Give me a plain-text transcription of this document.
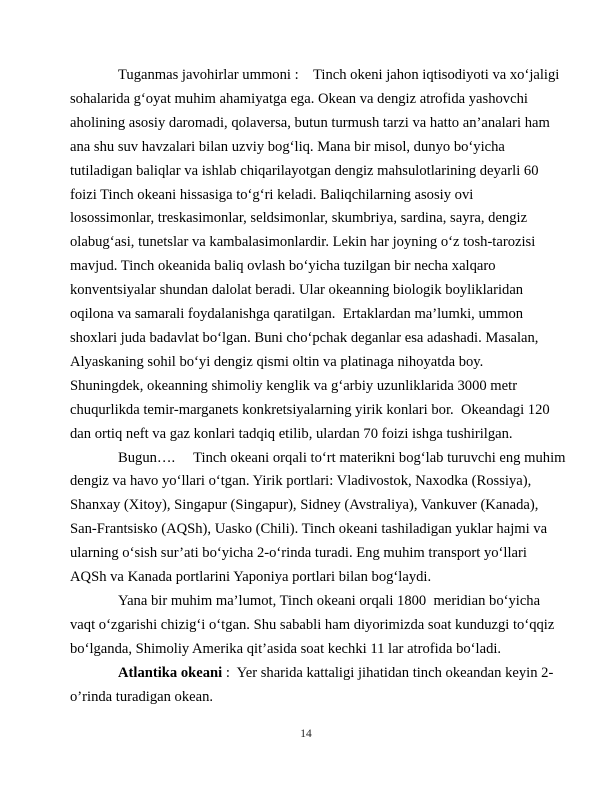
Tuganmas javohirlar ummoni :    Tinch okeni jahon iqtisodiyoti va xo‘jaligi
sohalarida g‘oyat muhim ahamiyatga ega. Okean va dengiz atrofida yashovchi
aholining asosiy daromadi, qolaversa, butun turmush tarzi va hatto an’analari ham
ana shu suv havzalari bilan uzviy bog‘liq. Mana bir misol, dunyo bo‘yicha
tutiladigan baliqlar va ishlab chiqarilayotgan dengiz mahsulotlarining deyarli 60
foizi Tinch okeani hissasiga to‘g‘ri keladi. Baliqchilarning asosiy ovi
losossimonlar, treskasimonlar, seldsimonlar, skumbriya, sardina, sayra, dengiz
olabug‘asi, tunetslar va kambalasimonlardir. Lekin har joyning o‘z tosh-tarozisi
mavjud. Tinch okeanida baliq ovlash bo‘yicha tuzilgan bir necha xalqaro
konventsiyalar shundan dalolat beradi. Ular okeanning biologik boyliklaridan
oqilona va samarali foydalanishga qaratilgan.  Ertaklardan ma’lumki, ummon
shoxlari juda badavlat bo‘lgan. Buni cho‘pchak deganlar esa adashadi. Masalan,
Alyaskaning sohil bo‘yi dengiz qismi oltin va platinaga nihoyatda boy.
Shuningdek, okeanning shimoliy kenglik va g‘arbiy uzunliklarida 3000 metr
chuqurlikda temir-marganets konkretsiyalarning yirik konlari bor.  Okeandagi 120
dan ortiq neft va gaz konlari tadqiq etilib, ulardan 70 foizi ishga tushirilgan.
Bugun….     Tinch okeani orqali to‘rt materikni bog‘lab turuvchi eng muhim
dengiz va havo yo‘llari o‘tgan. Yirik portlari: Vladivostok, Naxodka (Rossiya),
Shanxay (Xitoy), Singapur (Singapur), Sidney (Avstraliya), Vankuver (Kanada),
San-Frantsisko (AQSh), Uasko (Chili). Tinch okeani tashiladigan yuklar hajmi va
ularning o‘sish sur’ati bo‘yicha 2-o‘rinda turadi. Eng muhim transport yo‘llari
AQSh va Kanada portlarini Yaponiya portlari bilan bog‘laydi.
Yana bir muhim ma’lumot, Tinch okeani orqali 1800  meridian bo‘yicha
vaqt o‘zgarishi chizig‘i o‘tgan. Shu sababli ham diyorimizda soat kunduzgi to‘qqiz
bo‘lganda, Shimoliy Amerika qit’asida soat kechki 11 lar atrofida bo‘ladi.
Atlantika okeani :  Yer sharida kattaligi jihatidan tinch okeandan keyin 2-
o’rinda turadigan okean.
14
